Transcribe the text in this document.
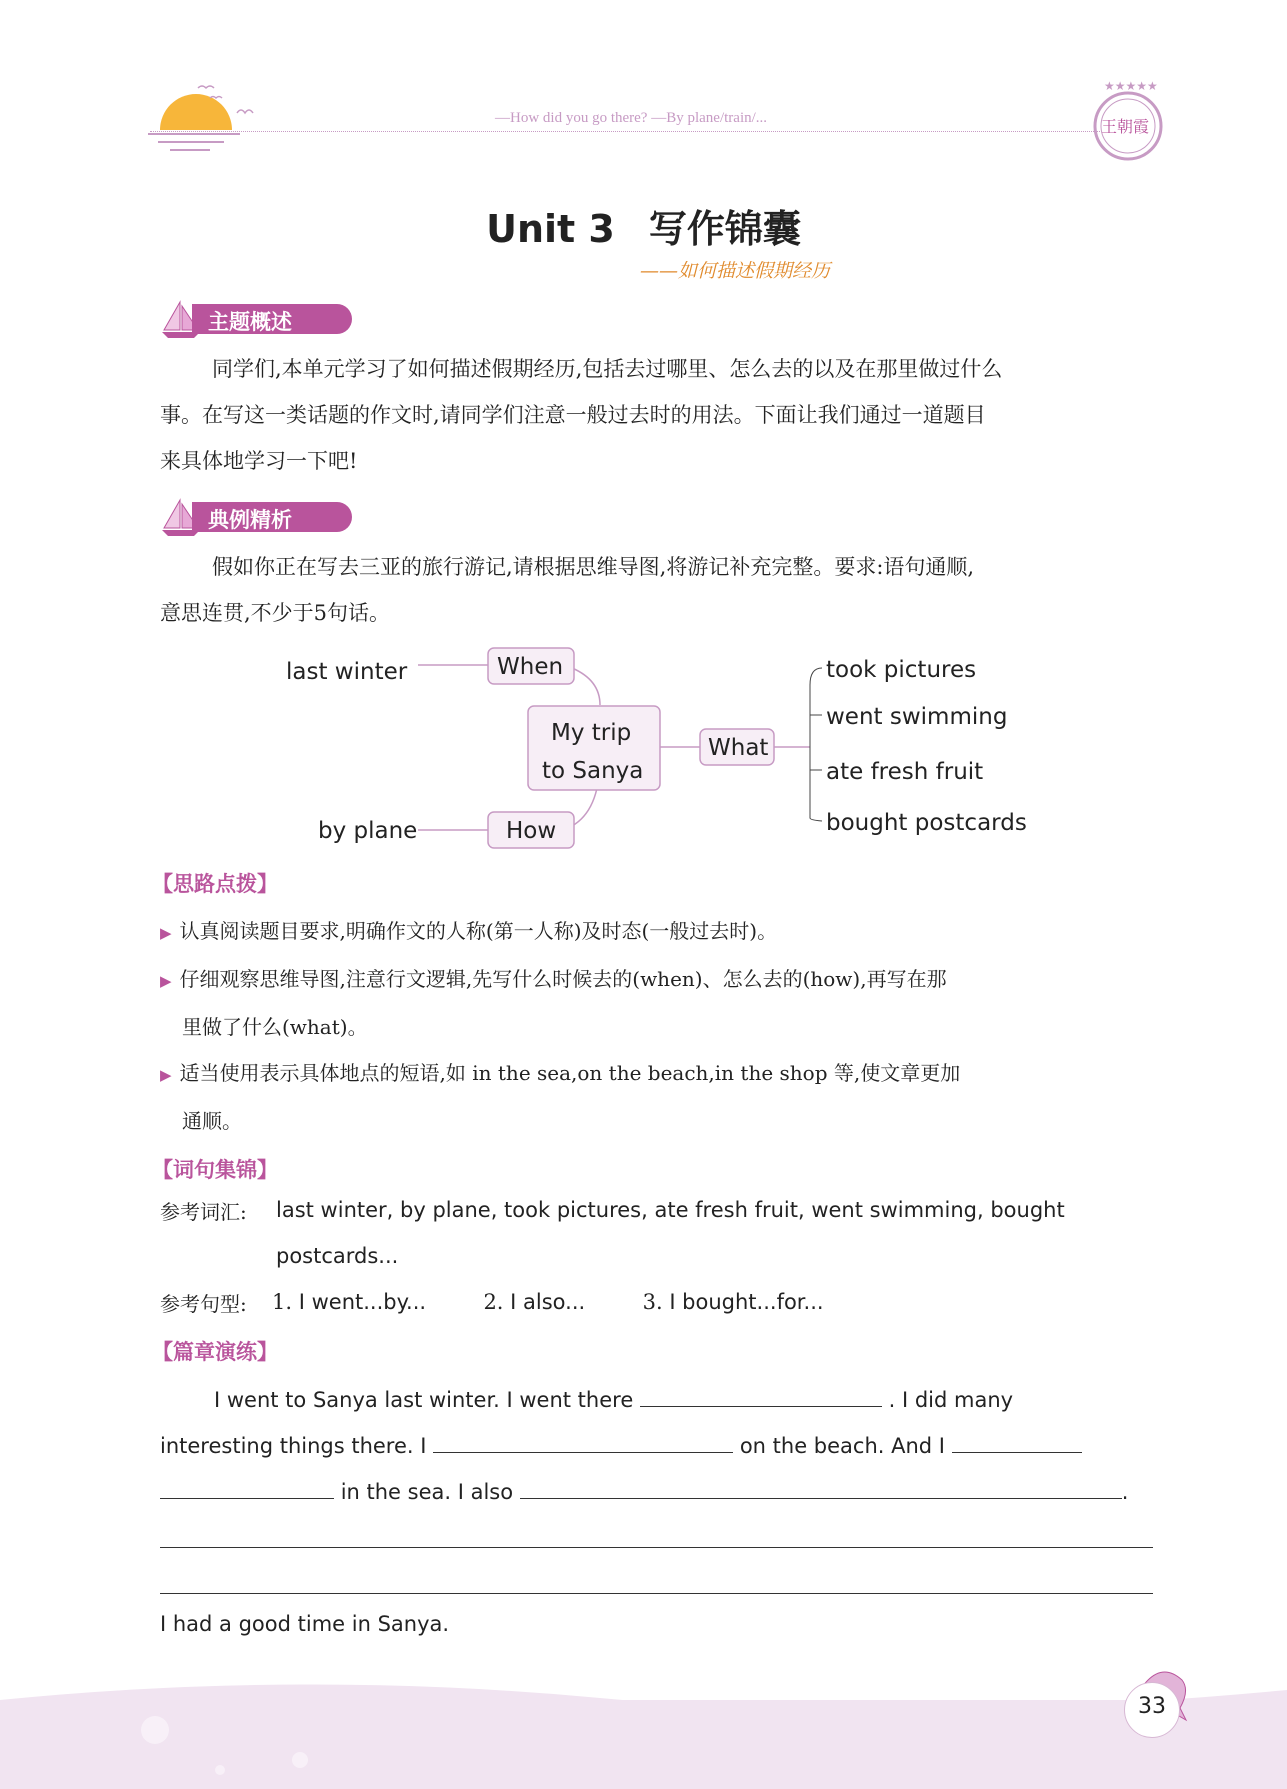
—How did you go there? —By plane/train/...
★★★★★
王朝霞
Unit 3 写作锦囊
——如何描述假期经历
主题概述
同学们,本单元学习了如何描述假期经历,包括去过哪里、怎么去的以及在那里做过什么
事。在写这一类话题的作文时,请同学们注意一般过去时的用法。下面让我们通过一道题目
来具体地学习一下吧!
典例精析
假如你正在写去三亚的旅行游记,请根据思维导图,将游记补充完整。要求:语句通顺,
意思连贯,不少于5句话。
last winter	When
by plane	How
My trip
to Sanya
What
took pictures
went swimming
ate fresh fruit
bought postcards
【思路点拨】
▶ 认真阅读题目要求,明确作文的人称(第一人称)及时态(一般过去时)。
▶ 仔细观察思维导图,注意行文逻辑,先写什么时候去的(when)、怎么去的(how),再写在那
里做了什么(what)。
▶ 适当使用表示具体地点的短语,如 in the sea,on the beach,in the shop 等,使文章更加
通顺。
【词句集锦】
参考词汇: last winter, by plane, took pictures, ate fresh fruit, went swimming, bought
postcards...
参考句型: 1. I went...by...	2. I also...	3. I bought...for...
【篇章演练】
I went to Sanya last winter. I went there	. I did many
interesting things there. I	on the beach. And I
in the sea. I also	.
I had a good time in Sanya.
33
